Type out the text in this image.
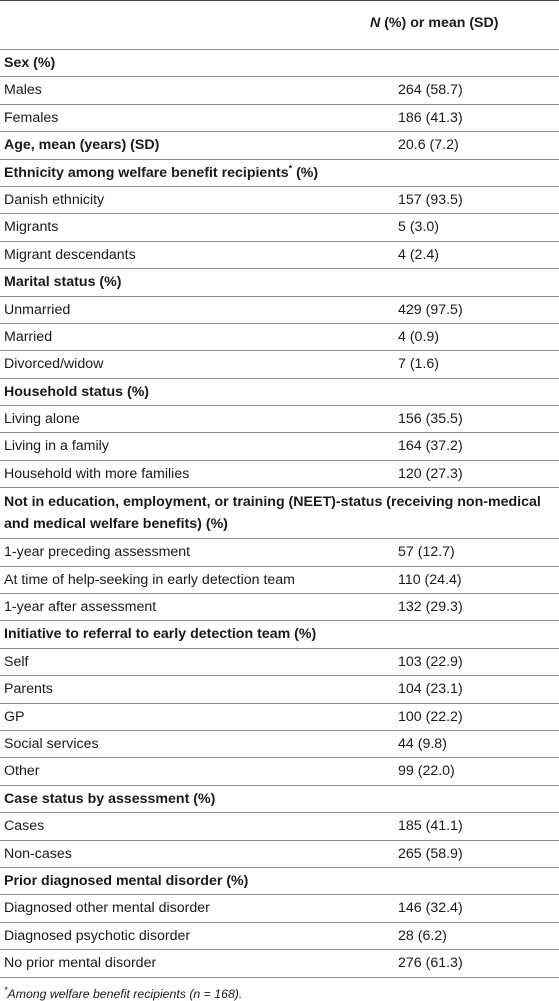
N (%) or mean (SD)
Sex (%)
Males	264 (58.7)
Females	186 (41.3)
Age, mean (years) (SD)	20.6 (7.2)
Ethnicity among welfare benefit recipients* (%)
Danish ethnicity	157 (93.5)
Migrants	5 (3.0)
Migrant descendants	4 (2.4)
Marital status (%)
Unmarried	429 (97.5)
Married	4 (0.9)
Divorced/widow	7 (1.6)
Household status (%)
Living alone	156 (35.5)
Living in a family	164 (37.2)
Household with more families	120 (27.3)
Not in education, employment, or training (NEET)-status (receiving non-medical and medical welfare benefits) (%)
1-year preceding assessment	57 (12.7)
At time of help-seeking in early detection team	110 (24.4)
1-year after assessment	132 (29.3)
Initiative to referral to early detection team (%)
Self	103 (22.9)
Parents	104 (23.1)
GP	100 (22.2)
Social services	44 (9.8)
Other	99 (22.0)
Case status by assessment (%)
Cases	185 (41.1)
Non-cases	265 (58.9)
Prior diagnosed mental disorder (%)
Diagnosed other mental disorder	146 (32.4)
Diagnosed psychotic disorder	28 (6.2)
No prior mental disorder	276 (61.3)
*Among welfare benefit recipients (n = 168).
